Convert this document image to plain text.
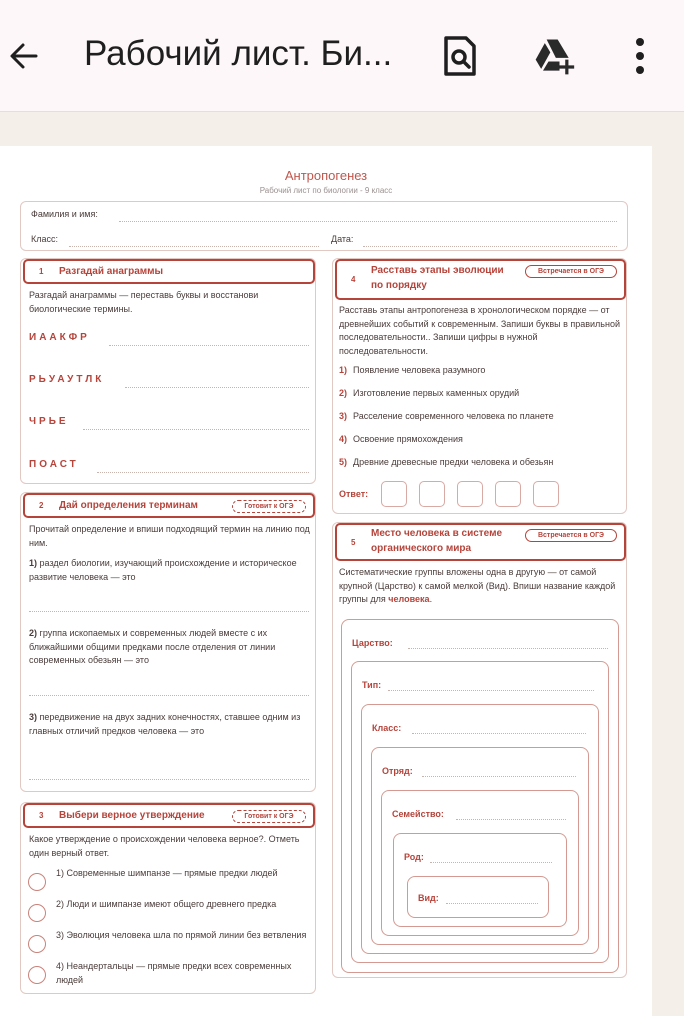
Рабочий лист. Би...
Антропогенез
Рабочий лист по биологии - 9 класс
Фамилия и имя:
Класс:	Дата:
1 Разгадай анаграммы
Разгадай анаграммы — переставь буквы и восстанови биологические термины.
ИААКФР
РЬУАУТЛК
ЧРЬЕ
ПОАСТ
2 Дай определения терминам	Готовит к ОГЭ
Прочитай определение и впиши подходящий термин на линию под ним.
1) раздел биологии, изучающий происхождение и историческое развитие человека — это
2) группа ископаемых и современных людей вместе с их ближайшими общими предками после отделения от линии современных обезьян — это
3) передвижение на двух задних конечностях, ставшее одним из главных отличий предков человека — это
3 Выбери верное утверждение	Готовит к ОГЭ
Какое утверждение о происхождении человека верное?. Отметь один верный ответ.
1) Современные шимпанзе — прямые предки людей
2) Люди и шимпанзе имеют общего древнего предка
3) Эволюция человека шла по прямой линии без ветвления
4) Неандертальцы — прямые предки всех современных людей
4
Расставь этапы эволюции
по порядку
Встречается в ОГЭ
Расставь этапы антропогенеза в хронологическом порядке — от древнейших событий к современным. Запиши буквы в правильной последовательности.. Запиши цифры в нужной последовательности.
1) Появление человека разумного
2) Изготовление первых каменных орудий
3) Расселение современного человека по планете
4) Освоение прямохождения
5) Древние древесные предки человека и обезьян
Ответ:
5
Место человека в системе
органического мира
Встречается в ОГЭ
Систематические группы вложены одна в другую — от самой крупной (Царство) к самой мелкой (Вид). Впиши название каждой группы для человека.
Царство:
Тип:
Класс:
Отряд:
Семейство:
Род:
Вид:
